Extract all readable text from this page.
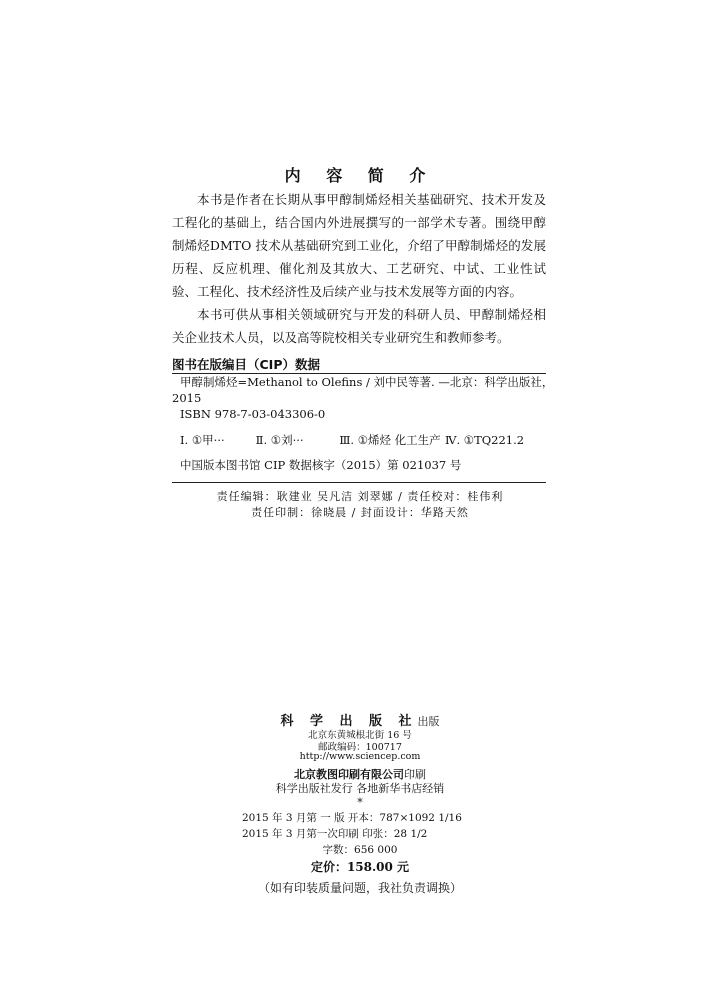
内 容 简 介

本书是作者在长期从事甲醇制烯烃相关基础研究、技术开发及工程化的基础上，结合国内外进展撰写的一部学术专著。围绕甲醇制烯烃DMTO 技术从基础研究到工业化，介绍了甲醇制烯烃的发展历程、反应机理、催化剂及其放大、工艺研究、中试、工业性试验、工程化、技术经济性及后续产业与技术发展等方面的内容。

本书可供从事相关领域研究与开发的科研人员、甲醇制烯烃相关企业技术人员，以及高等院校相关专业研究生和教师参考。

图书在版编目（CIP）数据
甲醇制烯烃=Methanol to Olefins / 刘中民等著. —北京：科学出版社，
2015
ISBN 978-7-03-043306-0
Ⅰ. ①甲···	Ⅱ. ①刘···	Ⅲ. ①烯烃 化工生产 Ⅳ. ①TQ221.2
中国版本图书馆 CIP 数据核字（2015）第 021037 号
责任编辑：耿建业 吴凡洁 刘翠娜 / 责任校对：桂伟利
责任印制：徐晓晨 / 封面设计：华路天然
科 学 出 版 社出版
北京东黄城根北街 16 号
邮政编码：100717
http://www.sciencep.com
北京教图印刷有限公司印刷
科学出版社发行 各地新华书店经销
*
2015 年 3 月第 一 版 开本：787×1092 1/16
2015 年 3 月第一次印刷 印张：28 1/2
字数：656 000
定价：158.00 元
（如有印装质量问题，我社负责调换）
